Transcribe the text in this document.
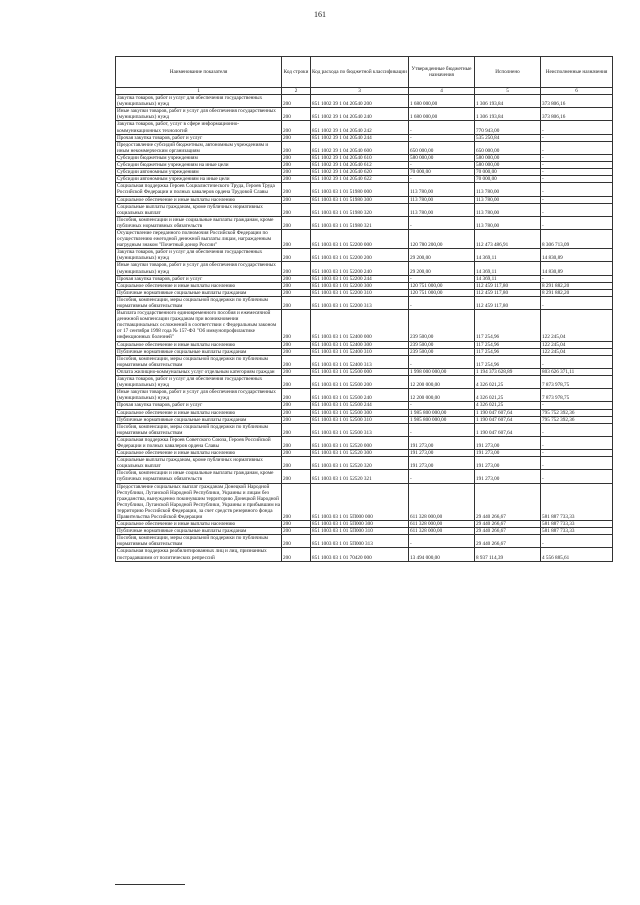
161
Наименование показателя	Код строки	Код расхода по бюджетной классификации	Утвержденные бюджетные назначения	Исполнено	Неисполненные назначения
1	2	3	4	5	6
Закупка товаров, работ и услуг для обеспечения государственных (муниципальных) нужд	200	851 1002 39 1 04 20540 200	1 680 000,00	1 306 193,84	373 806,16
Иные закупки товаров, работ и услуг для обеспечения государственных (муниципальных) нужд	200	851 1002 39 1 04 20540 240	1 680 000,00	1 306 193,84	373 806,16
Закупка товаров, работ, услуг в сфере информационно-коммуникационных технологий	200	851 1002 39 1 04 20540 242	-	770 943,00	-
Прочая закупка товаров, работ и услуг	200	851 1002 39 1 04 20540 244	-	535 250,84	-
Предоставление субсидий бюджетным, автономным учреждениям и иным некоммерческим организациям	200	851 1002 39 1 04 20540 600	650 000,00	650 000,00	-
Субсидии бюджетным учреждениям	200	851 1002 39 1 04 20540 610	580 000,00	580 000,00	-
Субсидии бюджетным учреждениям на иные цели	200	851 1002 39 1 04 20540 612	-	580 000,00	-
Субсидии автономным учреждениям	200	851 1002 39 1 04 20540 620	70 000,00	70 000,00	-
Субсидии автономным учреждениям на иные цели	200	851 1002 39 1 04 20540 622	-	70 000,00	-
Социальная поддержка Героев Социалистического Труда, Героев Труда Российской Федерации и полных кавалеров ордена Трудовой Славы	200	851 1003 03 1 01 51980 000	113 780,00	113 780,00	-
Социальное обеспечение и иные выплаты населению	200	851 1003 03 1 01 51980 300	113 780,00	113 780,00	-
Социальные выплаты гражданам, кроме публичных нормативных социальных выплат	200	851 1003 03 1 01 51980 320	113 780,00	113 780,00	-
Пособия, компенсации и иные социальные выплаты гражданам, кроме публичных нормативных обязательств	200	851 1003 03 1 01 51980 321	-	113 780,00	-
Осуществление переданного полномочия Российской Федерации по осуществлению ежегодной денежной выплаты лицам, награжденным нагрудным знаком "Почетный донор России"	200	851 1003 03 1 01 52200 000	120 780 200,00	112 473 486,91	8 306 713,09
Закупка товаров, работ и услуг для обеспечения государственных (муниципальных) нужд	200	851 1003 03 1 01 52200 200	29 200,00	14 369,11	14 830,89
Иные закупки товаров, работ и услуг для обеспечения государственных (муниципальных) нужд	200	851 1003 03 1 01 52200 240	29 200,00	14 369,11	14 830,89
Прочая закупка товаров, работ и услуг	200	851 1003 03 1 01 52200 244	-	14 369,11	-
Социальное обеспечение и иные выплаты населению	200	851 1003 03 1 01 52200 300	120 751 000,00	112 459 117,80	8 291 882,20
Публичные нормативные социальные выплаты гражданам	200	851 1003 03 1 01 52200 310	120 751 000,00	112 459 117,80	8 291 882,20
Пособия, компенсации, меры социальной поддержки по публичным нормативным обязательствам	200	851 1003 03 1 01 52200 313	-	112 459 117,80	-
Выплата государственного единовременного пособия и ежемесячной денежной компенсации гражданам при возникновении поствакцинальных осложнений в соответствии с Федеральным законом от 17 сентября 1998 года № 157-ФЗ "Об иммунопрофилактике инфекционных болезней"	200	851 1003 03 1 01 52400 000	239 500,00	117 254,96	122 245,04
Социальное обеспечение и иные выплаты населению	200	851 1003 03 1 01 52400 300	239 500,00	117 254,96	122 245,04
Публичные нормативные социальные выплаты гражданам	200	851 1003 03 1 01 52400 310	239 500,00	117 254,96	122 245,04
Пособия, компенсации, меры социальной поддержки по публичным нормативным обязательствам	200	851 1003 03 1 01 52400 313	-	117 254,96	-
Оплата жилищно-коммунальных услуг отдельным категориям граждан	200	851 1003 03 1 01 52500 000	1 998 000 000,00	1 194 373 628,89	803 626 371,11
Закупка товаров, работ и услуг для обеспечения государственных (муниципальных) нужд	200	851 1003 03 1 01 52500 200	12 200 000,00	4 326 021,25	7 873 978,75
Иные закупки товаров, работ и услуг для обеспечения государственных (муниципальных) нужд	200	851 1003 03 1 01 52500 240	12 200 000,00	4 326 021,25	7 873 978,75
Прочая закупка товаров, работ и услуг	200	851 1003 03 1 01 52500 244	-	4 326 021,25	-
Социальное обеспечение и иные выплаты населению	200	851 1003 03 1 01 52500 300	1 985 800 000,00	1 190 047 607,64	795 752 392,36
Публичные нормативные социальные выплаты гражданам	200	851 1003 03 1 01 52500 310	1 985 800 000,00	1 190 047 607,64	795 752 392,36
Пособия, компенсации, меры социальной поддержки по публичным нормативным обязательствам	200	851 1003 03 1 01 52500 313	-	1 190 047 607,64	-
Социальная поддержка Героев Советского Союза, Героев Российской Федерации и полных кавалеров ордена Славы	200	851 1003 03 1 01 52520 000	191 273,00	191 273,00	-
Социальное обеспечение и иные выплаты населению	200	851 1003 03 1 01 52520 300	191 273,00	191 273,00	-
Социальные выплаты гражданам, кроме публичных нормативных социальных выплат	200	851 1003 03 1 01 52520 320	191 273,00	191 273,00	-
Пособия, компенсации и иные социальные выплаты гражданам, кроме публичных нормативных обязательств	200	851 1003 03 1 01 52520 321	-	191 273,00	-
Предоставление социальных выплат гражданам Донецкой Народной Республики, Луганской Народной Республики, Украины и лицам без гражданства, вынужденно покинувшим территорию Донецкой Народной Республики, Луганской Народной Республики, Украины и прибывшим на территорию Российской Федерации, за счет средств резервного фонда Правительства Российской Федерации	200	851 1003 03 1 01 5П000 000	611 328 000,00	29 440 266,67	581 887 733,33
Социальное обеспечение и иные выплаты населению	200	851 1003 03 1 01 5П000 300	611 328 000,00	29 440 266,67	581 887 733,33
Публичные нормативные социальные выплаты гражданам	200	851 1003 03 1 01 5П000 310	611 328 000,00	29 440 266,67	581 887 733,33
Пособия, компенсации, меры социальной поддержки по публичным нормативным обязательствам	200	851 1003 03 1 01 5П000 313	-	29 440 266,67	-
Социальная поддержка реабилитированных лиц и лиц, признанных пострадавшими от политических репрессий	200	851 1003 03 1 01 70420 000	13 494 000,00	8 937 114,39	4 556 885,61
